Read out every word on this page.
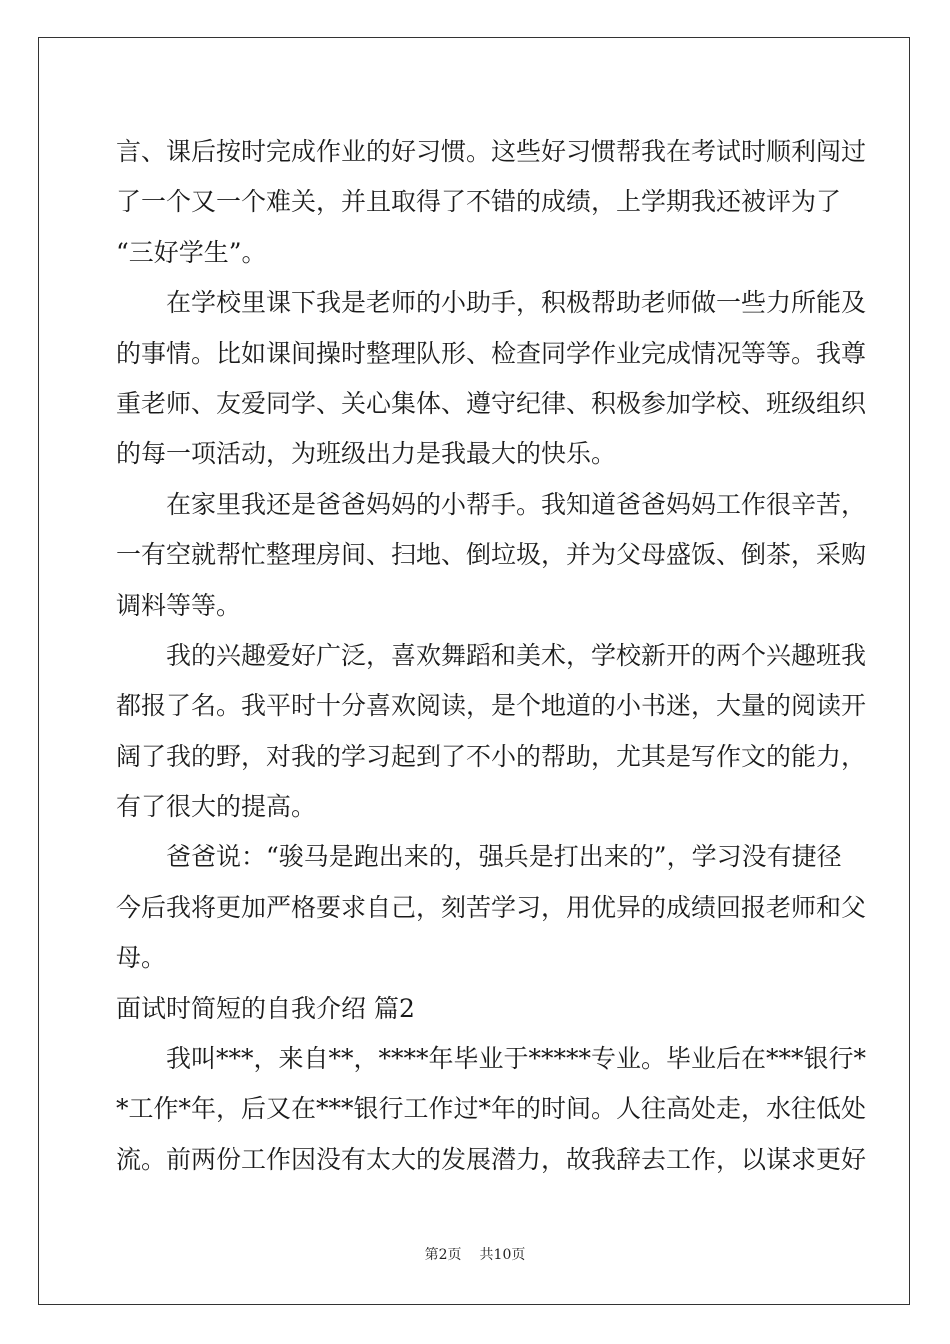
言、课后按时完成作业的好习惯。这些好习惯帮我在考试时顺利闯过
了一个又一个难关，并且取得了不错的成绩，上学期我还被评为了
“三好学生”。
在学校里课下我是老师的小助手，积极帮助老师做一些力所能及
的事情。比如课间操时整理队形、检查同学作业完成情况等等。我尊
重老师、友爱同学、关心集体、遵守纪律、积极参加学校、班级组织
的每一项活动，为班级出力是我最大的快乐。
在家里我还是爸爸妈妈的小帮手。我知道爸爸妈妈工作很辛苦，
一有空就帮忙整理房间、扫地、倒垃圾，并为父母盛饭、倒茶，采购
调料等等。
我的兴趣爱好广泛，喜欢舞蹈和美术，学校新开的两个兴趣班我
都报了名。我平时十分喜欢阅读，是个地道的小书迷，大量的阅读开
阔了我的野，对我的学习起到了不小的帮助，尤其是写作文的能力，
有了很大的提高。
爸爸说：“骏马是跑出来的，强兵是打出来的”，学习没有捷径
今后我将更加严格要求自己，刻苦学习，用优异的成绩回报老师和父
母。
面试时简短的自我介绍 篇2
我叫***，来自**，****年毕业于*****专业。毕业后在***银行*
*工作*年，后又在***银行工作过*年的时间。人往高处走，水往低处
流。前两份工作因没有太大的发展潜力，故我辞去工作，以谋求更好
第2页 共10页
